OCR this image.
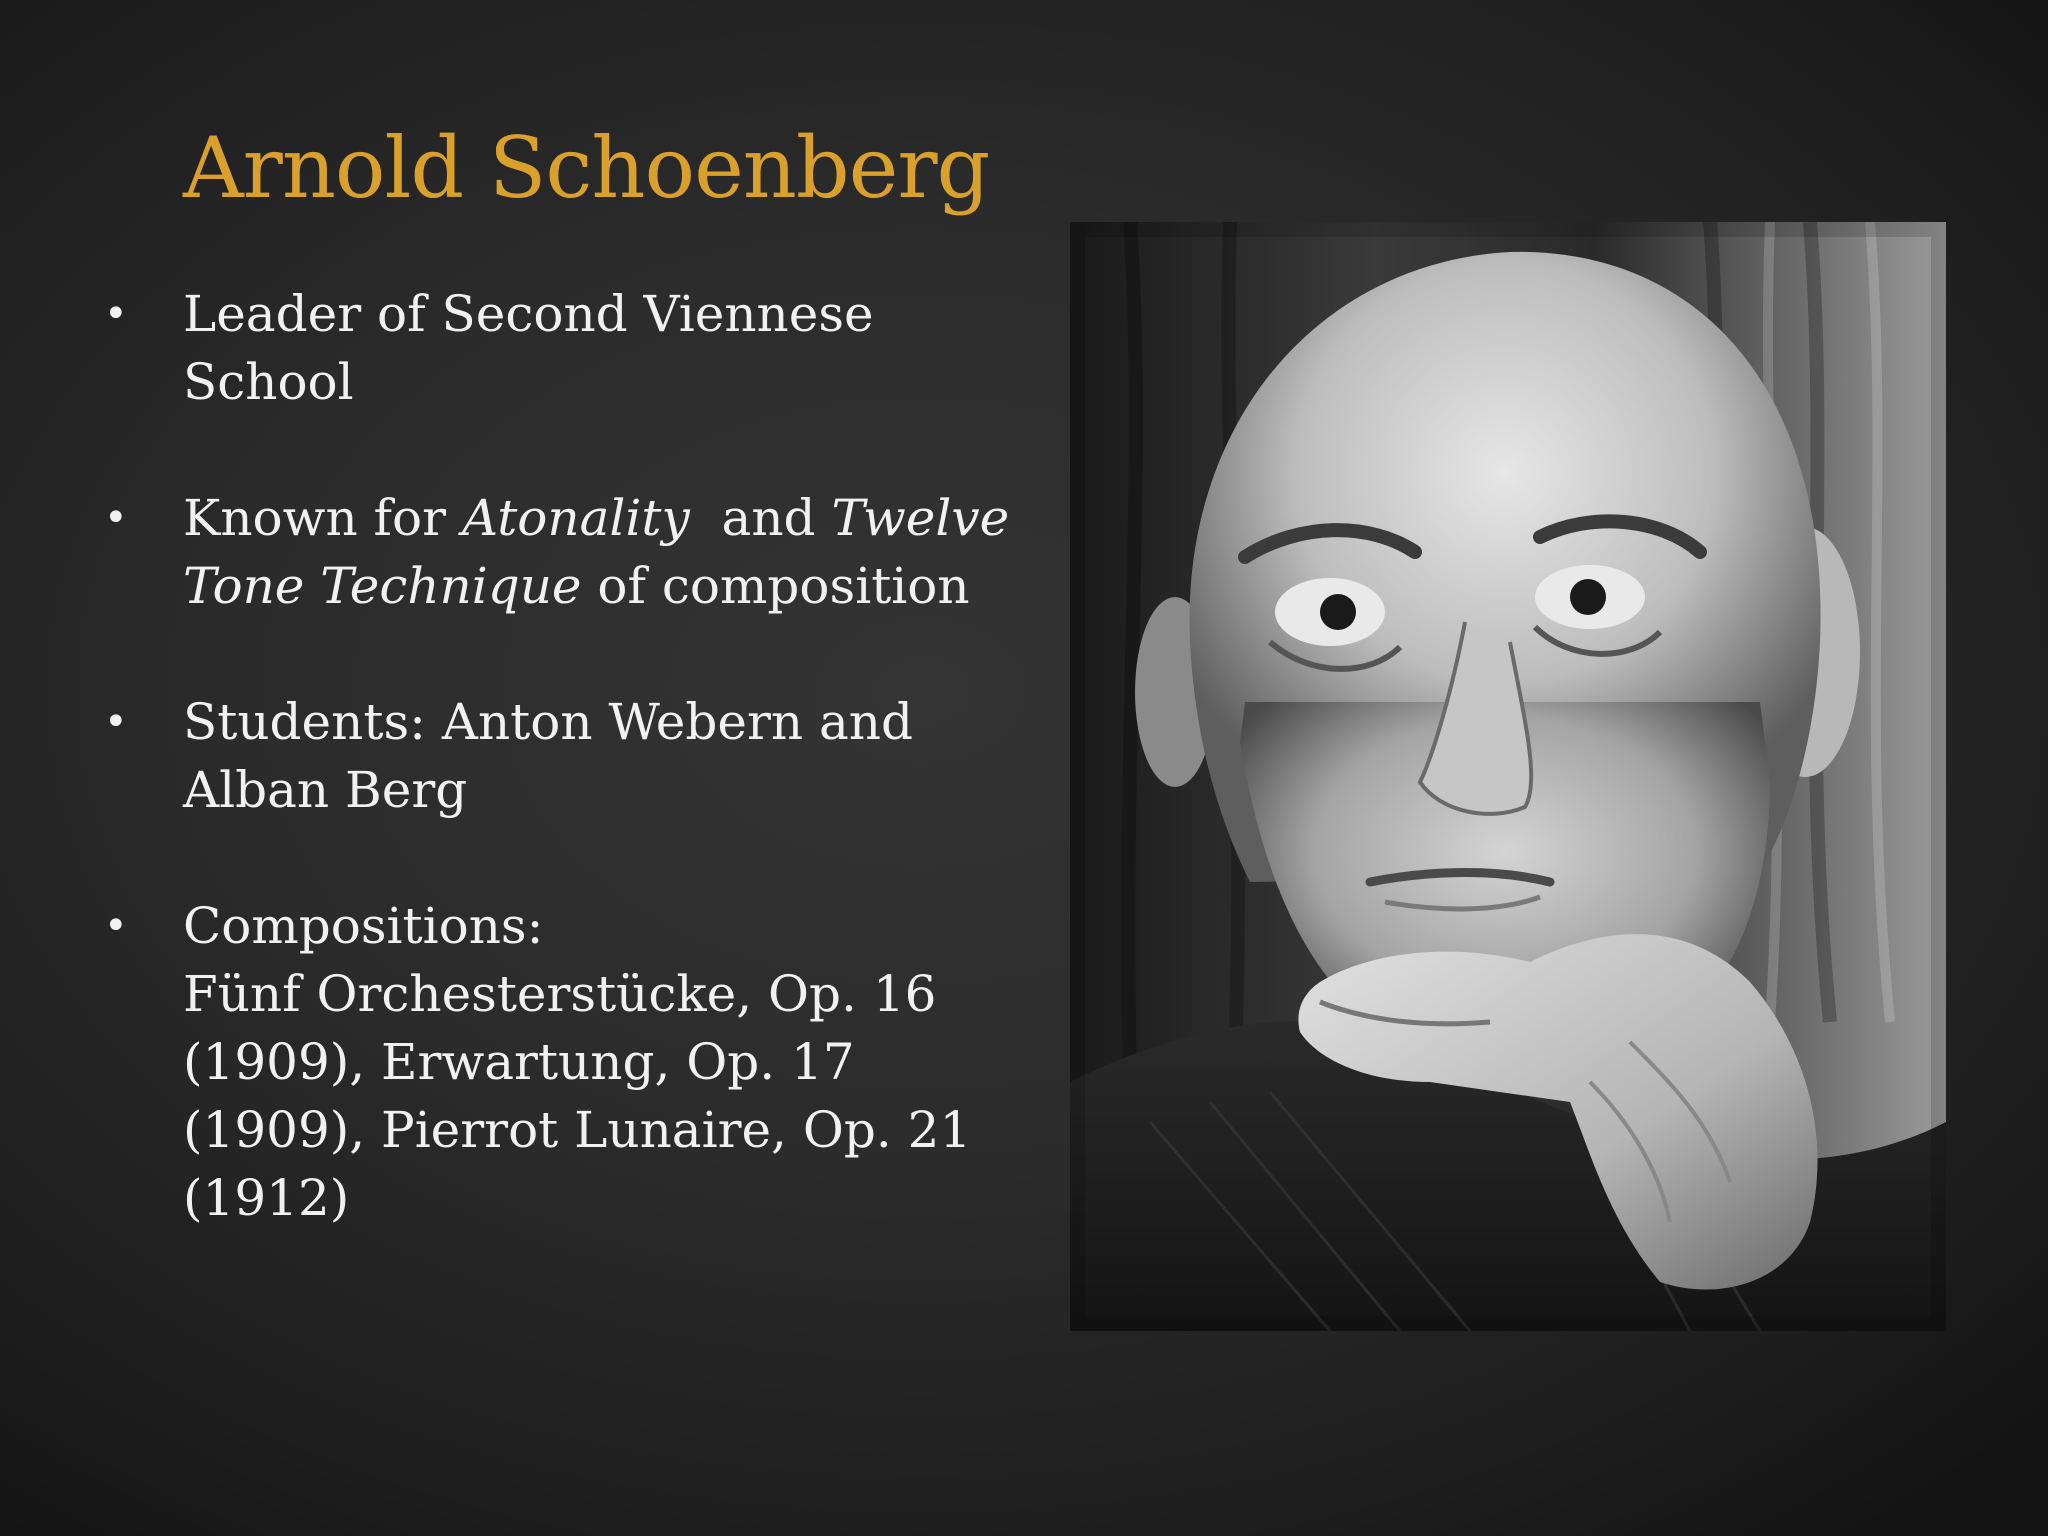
Arnold Schoenberg
• Leader of Second Viennese
School
• Known for Atonality  and Twelve
Tone Technique of composition
• Students: Anton Webern and
Alban Berg
• Compositions:
Fünf Orchesterstücke, Op. 16
(1909), Erwartung, Op. 17
(1909), Pierrot Lunaire, Op. 21
(1912)
